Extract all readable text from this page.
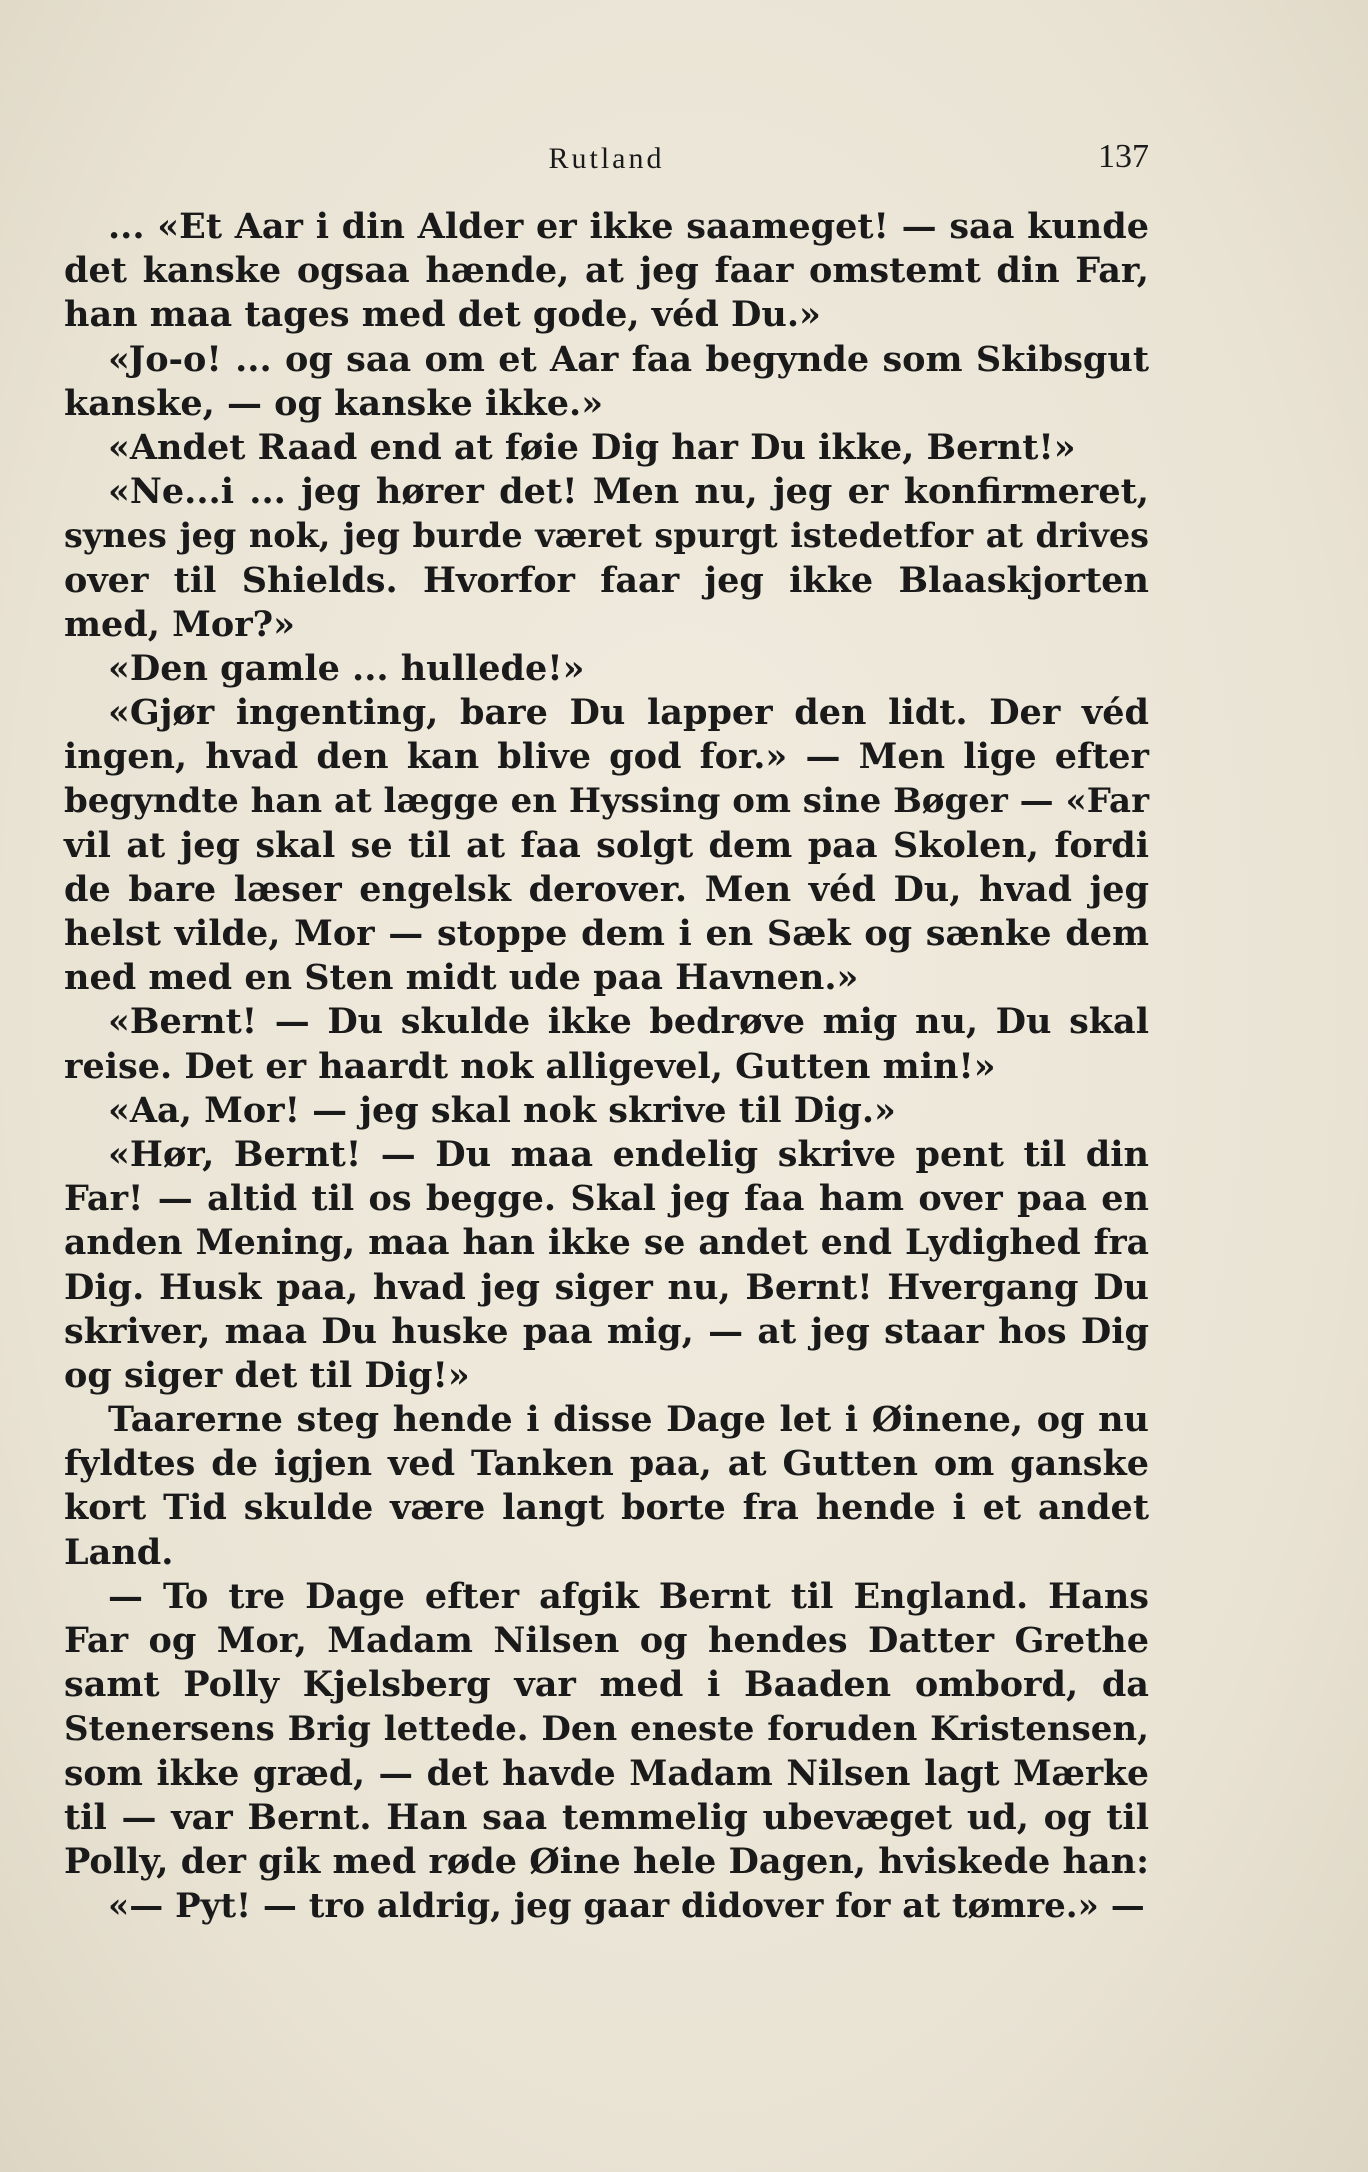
Rutland	137
... «Et Aar i din Alder er ikke saameget! — saa kunde
det kanske ogsaa hænde, at jeg faar omstemt din Far,
han maa tages med det gode, véd Du.»
«Jo-o! ... og saa om et Aar faa begynde som Skibsgut
kanske, — og kanske ikke.»
«Andet Raad end at føie Dig har Du ikke, Bernt!»
«Ne...i ... jeg hører det! Men nu, jeg er konfirmeret,
synes jeg nok, jeg burde været spurgt istedetfor at drives
over til Shields. Hvorfor faar jeg ikke Blaaskjorten
med, Mor?»
«Den gamle ... hullede!»
«Gjør ingenting, bare Du lapper den lidt. Der véd
ingen, hvad den kan blive god for.» — Men lige efter
begyndte han at lægge en Hyssing om sine Bøger — «Far
vil at jeg skal se til at faa solgt dem paa Skolen, fordi
de bare læser engelsk derover. Men véd Du, hvad jeg
helst vilde, Mor — stoppe dem i en Sæk og sænke dem
ned med en Sten midt ude paa Havnen.»
«Bernt! — Du skulde ikke bedrøve mig nu, Du skal
reise. Det er haardt nok alligevel, Gutten min!»
«Aa, Mor! — jeg skal nok skrive til Dig.»
«Hør, Bernt! — Du maa endelig skrive pent til din
Far! — altid til os begge. Skal jeg faa ham over paa en
anden Mening, maa han ikke se andet end Lydighed fra
Dig. Husk paa, hvad jeg siger nu, Bernt! Hvergang Du
skriver, maa Du huske paa mig, — at jeg staar hos Dig
og siger det til Dig!»
Taarerne steg hende i disse Dage let i Øinene, og nu
fyldtes de igjen ved Tanken paa, at Gutten om ganske
kort Tid skulde være langt borte fra hende i et andet
Land.
— To tre Dage efter afgik Bernt til England. Hans
Far og Mor, Madam Nilsen og hendes Datter Grethe
samt Polly Kjelsberg var med i Baaden ombord, da
Stenersens Brig lettede. Den eneste foruden Kristensen,
som ikke græd, — det havde Madam Nilsen lagt Mærke
til — var Bernt. Han saa temmelig ubevæget ud, og til
Polly, der gik med røde Øine hele Dagen, hviskede han:
«— Pyt! — tro aldrig, jeg gaar didover for at tømre.» —
